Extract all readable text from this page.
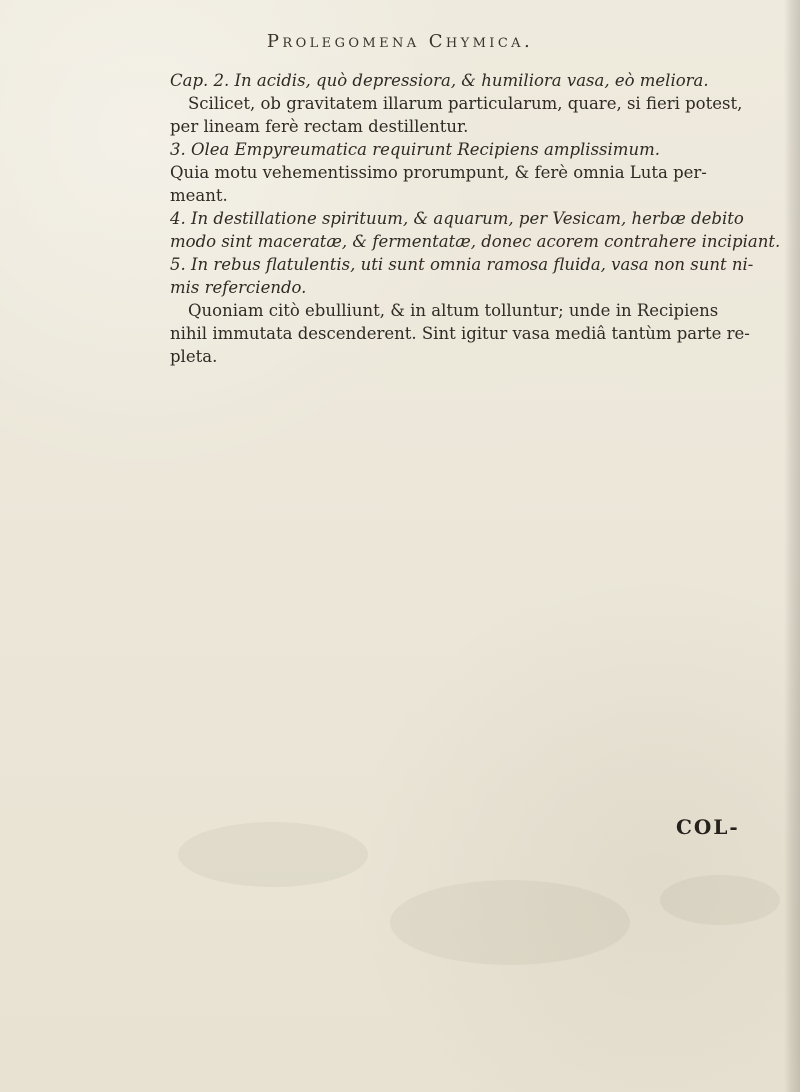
Prolegomena Chymica.

Cap. 2. In acidis, quò depressiora, & humiliora vasa, eò meliora.

Scilicet, ob gravitatem illarum particularum, quare, si fieri potest,

per lineam ferè rectam destillentur.

3. Olea Empyreumatica requirunt Recipiens amplissimum.

Quia motu vehementissimo prorumpunt, & ferè omnia Luta per-

meant.

4. In destillatione spirituum, & aquarum, per Vesicam, herbæ debito

modo sint maceratæ, & fermentatæ, donec acorem contrahere incipiant.

5. In rebus flatulentis, uti sunt omnia ramosa fluida, vasa non sunt ni-

mis referciendo.

Quoniam citò ebulliunt, & in altum tolluntur; unde in Recipiens

nihil immutata descenderent. Sint igitur vasa mediâ tantùm parte re-

pleta.

COL-
